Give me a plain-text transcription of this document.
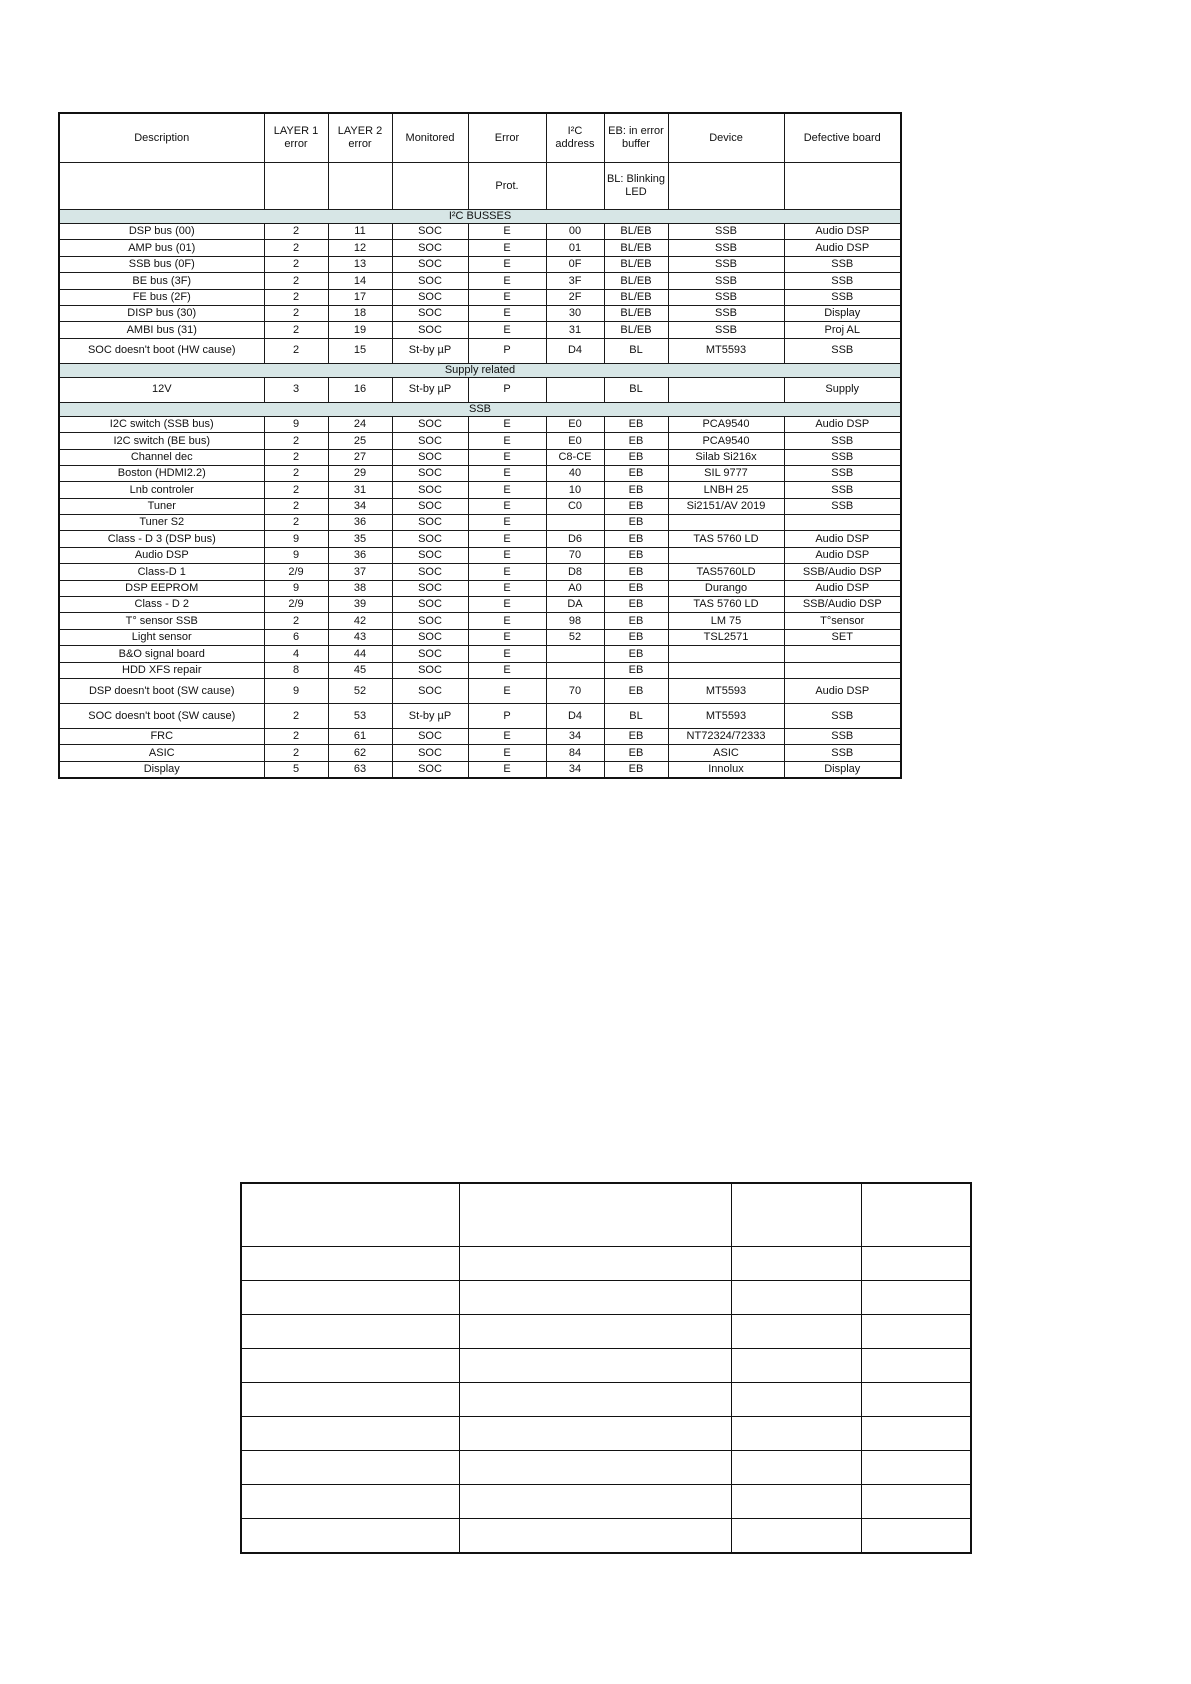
Description	LAYER 1 error	LAYER 2 error	Monitored	Error	I²C address	EB: in error buffer	Device	Defective board
				Prot.		BL: Blinking LED		
I²C BUSSES								
DSP bus (00)	2	11	SOC	E	00	BL/EB	SSB	Audio DSP
AMP bus (01)	2	12	SOC	E	01	BL/EB	SSB	Audio DSP
SSB bus (0F)	2	13	SOC	E	0F	BL/EB	SSB	SSB
BE bus (3F)	2	14	SOC	E	3F	BL/EB	SSB	SSB
FE bus (2F)	2	17	SOC	E	2F	BL/EB	SSB	SSB
DISP bus (30)	2	18	SOC	E	30	BL/EB	SSB	Display
AMBI bus (31)	2	19	SOC	E	31	BL/EB	SSB	Proj AL
SOC doesn't boot (HW cause)	2	15	St-by µP	P	D4	BL	MT5593	SSB
Supply related								
12V	3	16	St-by µP	P		BL		Supply
SSB								
I2C switch (SSB bus)	9	24	SOC	E	E0	EB	PCA9540	Audio DSP
I2C switch (BE bus)	2	25	SOC	E	E0	EB	PCA9540	SSB
Channel dec	2	27	SOC	E	C8-CE	EB	Silab Si216x	SSB
Boston (HDMI2.2)	2	29	SOC	E	40	EB	SIL 9777	SSB
Lnb controler	2	31	SOC	E	10	EB	LNBH 25	SSB
Tuner	2	34	SOC	E	C0	EB	Si2151/AV 2019	SSB
Tuner S2	2	36	SOC	E		EB		
Class - D 3 (DSP bus)	9	35	SOC	E	D6	EB	TAS 5760 LD	Audio DSP
Audio DSP	9	36	SOC	E	70	EB		Audio DSP
Class-D 1	2/9	37	SOC	E	D8	EB	TAS5760LD	SSB/Audio DSP
DSP EEPROM	9	38	SOC	E	A0	EB	Durango	Audio DSP
Class - D 2	2/9	39	SOC	E	DA	EB	TAS 5760 LD	SSB/Audio DSP
T° sensor SSB	2	42	SOC	E	98	EB	LM 75	T°sensor
Light sensor	6	43	SOC	E	52	EB	TSL2571	SET
B&O signal board	4	44	SOC	E		EB		
HDD XFS repair	8	45	SOC	E		EB		
DSP doesn't boot (SW cause)	9	52	SOC	E	70	EB	MT5593	Audio DSP
SOC doesn't boot (SW cause)	2	53	St-by µP	P	D4	BL	MT5593	SSB
FRC	2	61	SOC	E	34	EB	NT72324/72333	SSB
ASIC	2	62	SOC	E	84	EB	ASIC	SSB
Display	5	63	SOC	E	34	EB	Innolux	Display
